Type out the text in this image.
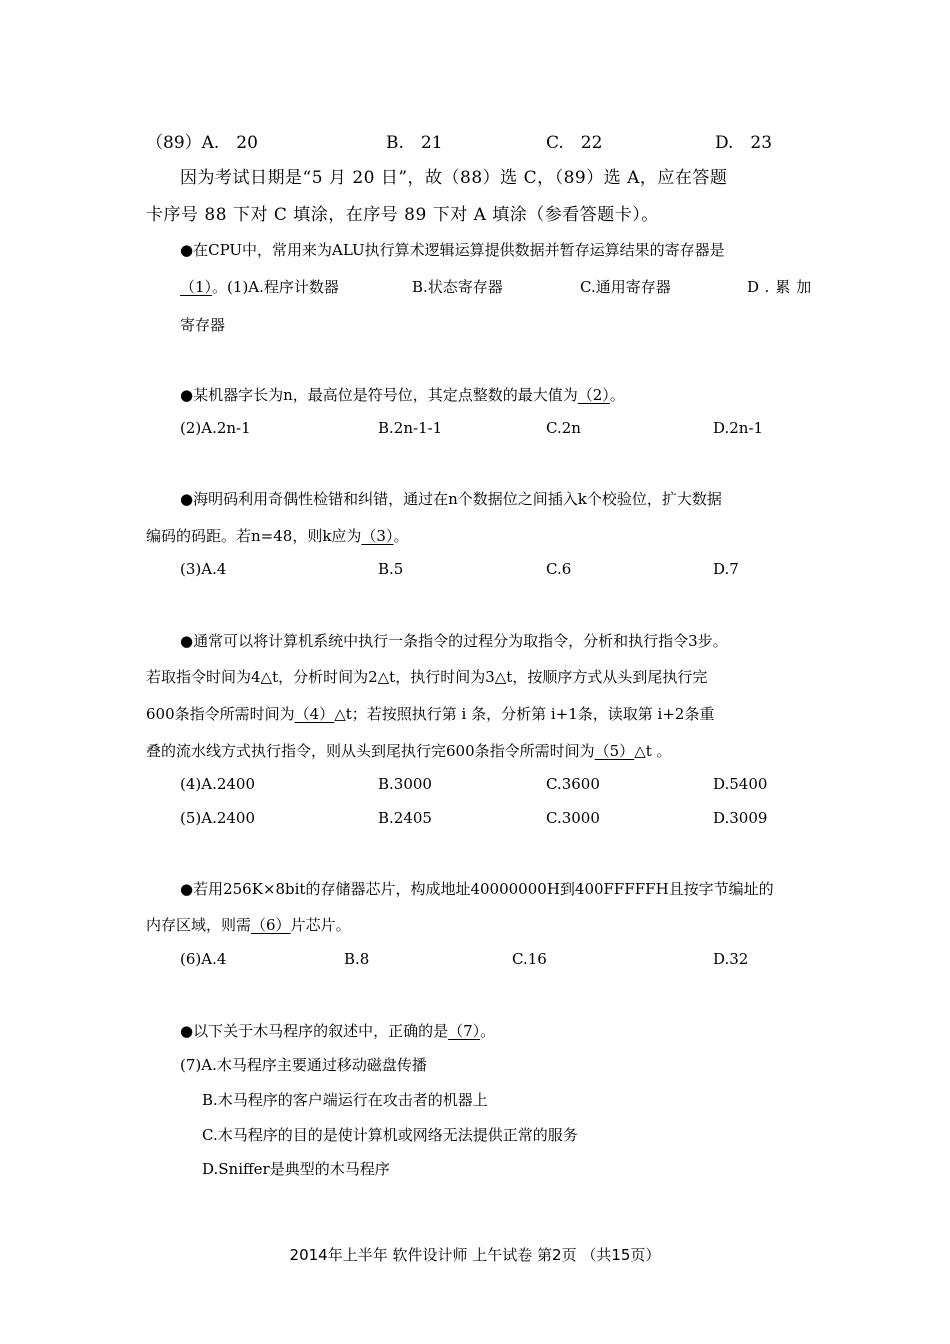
（89）A.　20	B.　21	C.　22	D.　23
因为考试日期是“5 月 20 日”，故（88）选 C，（89）选 A，应在答题
卡序号 88 下对 C 填涂，在序号 89 下对 A 填涂（参看答题卡）。
●在CPU中，常用来为ALU执行算术逻辑运算提供数据并暂存运算结果的寄存器是
（1）。(1)A.程序计数器	B.状态寄存器	C.通用寄存器	D.累加
寄存器
●某机器字长为n，最高位是符号位，其定点整数的最大值为（2）。
(2)A.2n-1	B.2n-1-1	C.2n	D.2n-1
●海明码利用奇偶性检错和纠错，通过在n个数据位之间插入k个校验位，扩大数据
编码的码距。若n=48，则k应为（3）。
(3)A.4	B.5	C.6	D.7
●通常可以将计算机系统中执行一条指令的过程分为取指令，分析和执行指令3步。
若取指令时间为4△t，分析时间为2△t，执行时间为3△t，按顺序方式从头到尾执行完
600条指令所需时间为（4）△t；若按照执行第 i 条，分析第 i+1条，读取第 i+2条重
叠的流水线方式执行指令，则从头到尾执行完600条指令所需时间为（5）△t 。
(4)A.2400	B.3000	C.3600	D.5400
(5)A.2400	B.2405	C.3000	D.3009
●若用256K×8bit的存储器芯片，构成地址40000000H到400FFFFFH且按字节编址的
内存区域，则需（6）片芯片。
(6)A.4	B.8	C.16	D.32
●以下关于木马程序的叙述中，正确的是（7）。
(7)A.木马程序主要通过移动磁盘传播
B.木马程序的客户端运行在攻击者的机器上
C.木马程序的目的是使计算机或网络无法提供正常的服务
D.Sniffer是典型的木马程序
2014年上半年 软件设计师 上午试卷 第2页 （共15页）
